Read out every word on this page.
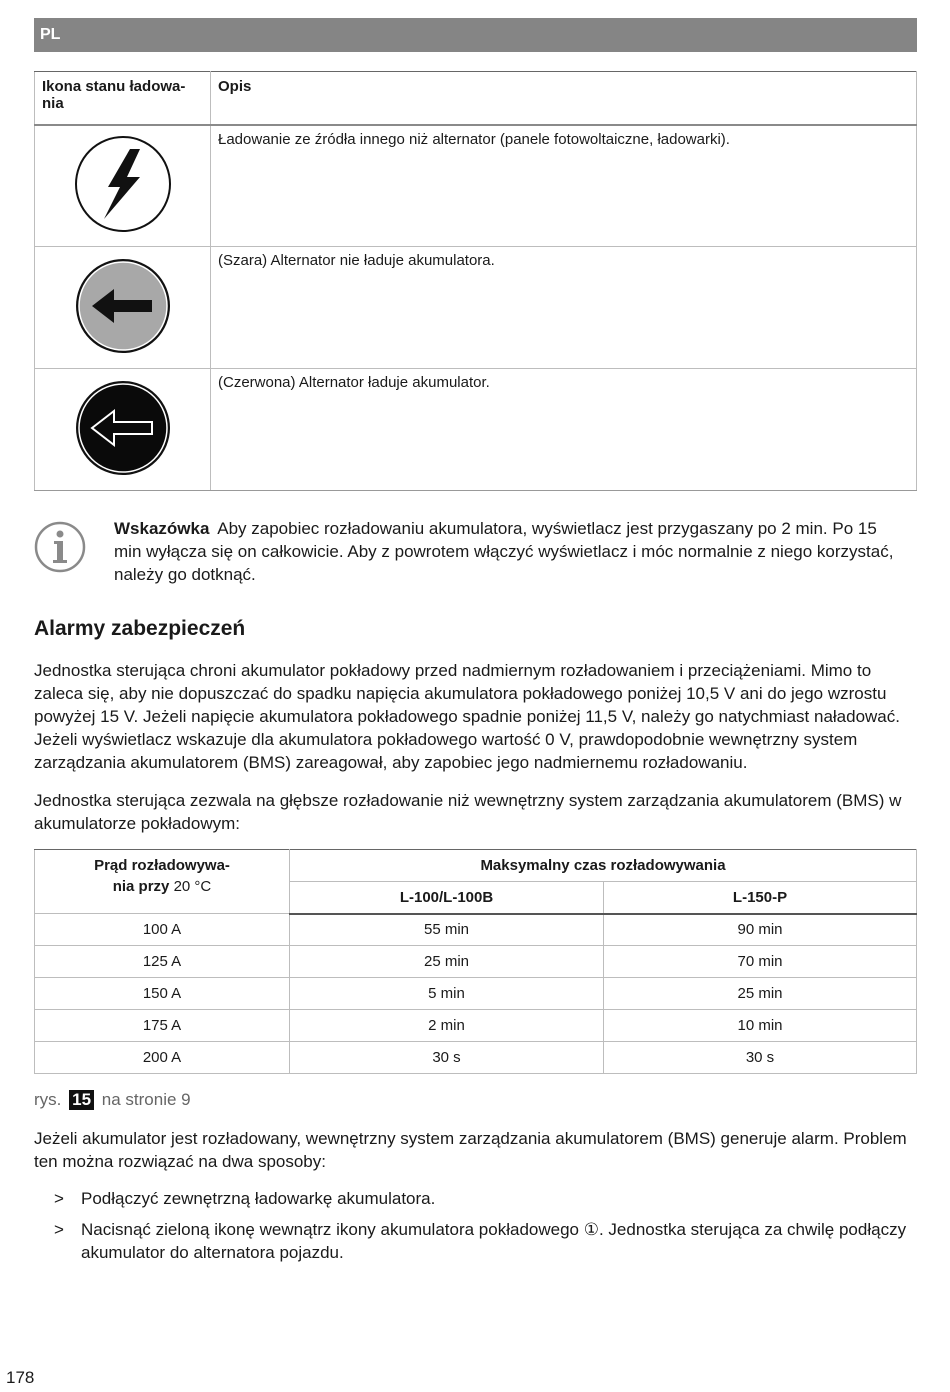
PL
Ikona stanu ładowa-
nia	Opis
	Ładowanie ze źródła innego niż alternator (panele fotowoltaiczne, ładowarki).
	(Szara) Alternator nie ładuje akumulatora.
	(Czerwona) Alternator ładuje akumulator.
Wskazówka Aby zapobiec rozładowaniu akumulatora, wyświetlacz jest przygaszany po 2 min. Po 15 min wyłącza się on całkowicie. Aby z powrotem włączyć wyświetlacz i móc normalnie z niego korzystać, należy go dotknąć.
Alarmy zabezpieczeń

Jednostka sterująca chroni akumulator pokładowy przed nadmiernym rozładowaniem i przeciążeniami. Mimo to zaleca się, aby nie dopuszczać do spadku napięcia akumulatora pokładowego poniżej 10,5 V ani do jego wzrostu powyżej 15 V. Jeżeli napięcie akumulatora pokładowego spadnie poniżej 11,5 V, należy go natychmiast naładować. Jeżeli wyświetlacz wskazuje dla akumulatora pokładowego wartość 0 V, prawdopodobnie wewnętrzny system zarządzania akumulatorem (BMS) zareagował, aby zapobiec jego nadmiernemu rozładowaniu.

Jednostka sterująca zezwala na głębsze rozładowanie niż wewnętrzny system zarządzania akumulatorem (BMS) w akumulatorze pokładowym:

Prąd rozładowywa-
nia przy 20 °C	Maksymalny czas rozładowywania	
	L-100/L-100B	L-150-P
100 A	55 min	90 min
125 A	25 min	70 min
150 A	5 min	25 min
175 A	2 min	10 min
200 A	30 s	30 s
rys. 15 na stronie 9

Jeżeli akumulator jest rozładowany, wewnętrzny system zarządzania akumulatorem (BMS) generuje alarm. Problem ten można rozwiązać na dwa sposoby:

> Podłączyć zewnętrzną ładowarkę akumulatora.
> Nacisnąć zieloną ikonę wewnątrz ikony akumulatora pokładowego ①. Jednostka sterująca za chwilę podłączy akumulator do alternatora pojazdu.
178
